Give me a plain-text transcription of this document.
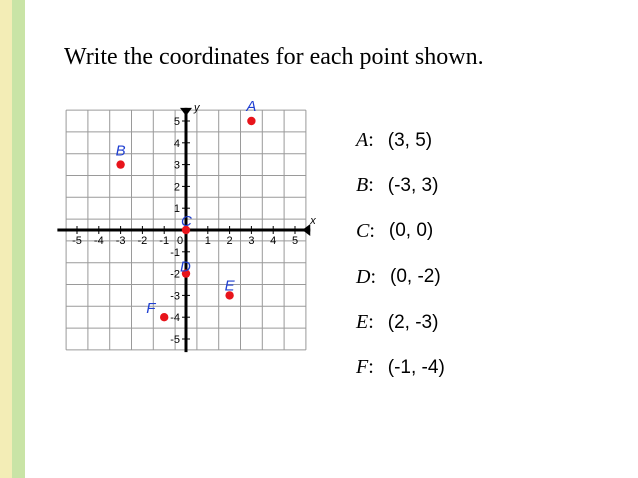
Write the coordinates for each point shown.
-5 -4 -3 -2 -1 0 1 2 3 4 5
-5
-4
-3
-2
-1
1
2
3
4
5
x
y	A
B
C
D
E
F
A : (3, 5)
B : (-3, 3)
C : (0, 0)
D : (0, -2)
E : (2, -3)
F : (-1, -4)
